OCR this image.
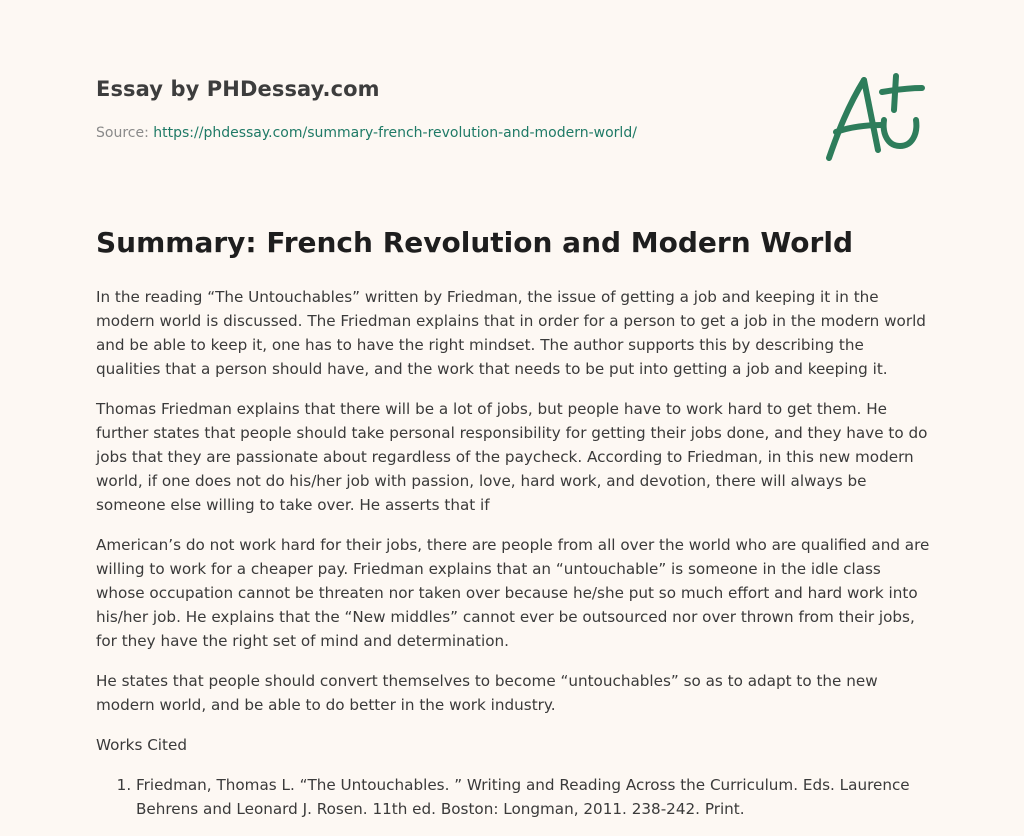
Essay by PHDessay.com
Source: https://phdessay.com/summary-french-revolution-and-modern-world/
Summary: French Revolution and Modern World

In the reading “The Untouchables” written by Friedman, the issue of getting a job and keeping it in the modern world is discussed. The Friedman explains that in order for a person to get a job in the modern world and be able to keep it, one has to have the right mindset. The author supports this by describing the qualities that a person should have, and the work that needs to be put into getting a job and keeping it.

Thomas Friedman explains that there will be a lot of jobs, but people have to work hard to get them. He further states that people should take personal responsibility for getting their jobs done, and they have to do jobs that they are passionate about regardless of the paycheck. According to Friedman, in this new modern world, if one does not do his/her job with passion, love, hard work, and devotion, there will always be someone else willing to take over. He asserts that if

American’s do not work hard for their jobs, there are people from all over the world who are qualified and are willing to work for a cheaper pay. Friedman explains that an “untouchable” is someone in the idle class whose occupation cannot be threaten nor taken over because he/she put so much effort and hard work into his/her job. He explains that the “New middles” cannot ever be outsourced nor over thrown from their jobs, for they have the right set of mind and determination.

He states that people should convert themselves to become “untouchables” so as to adapt to the new modern world, and be able to do better in the work industry.

Works Cited

1. Friedman, Thomas L. “The Untouchables. ” Writing and Reading Across the Curriculum. Eds. Laurence Behrens and Leonard J. Rosen. 11th ed. Boston: Longman, 2011. 238-242. Print.
